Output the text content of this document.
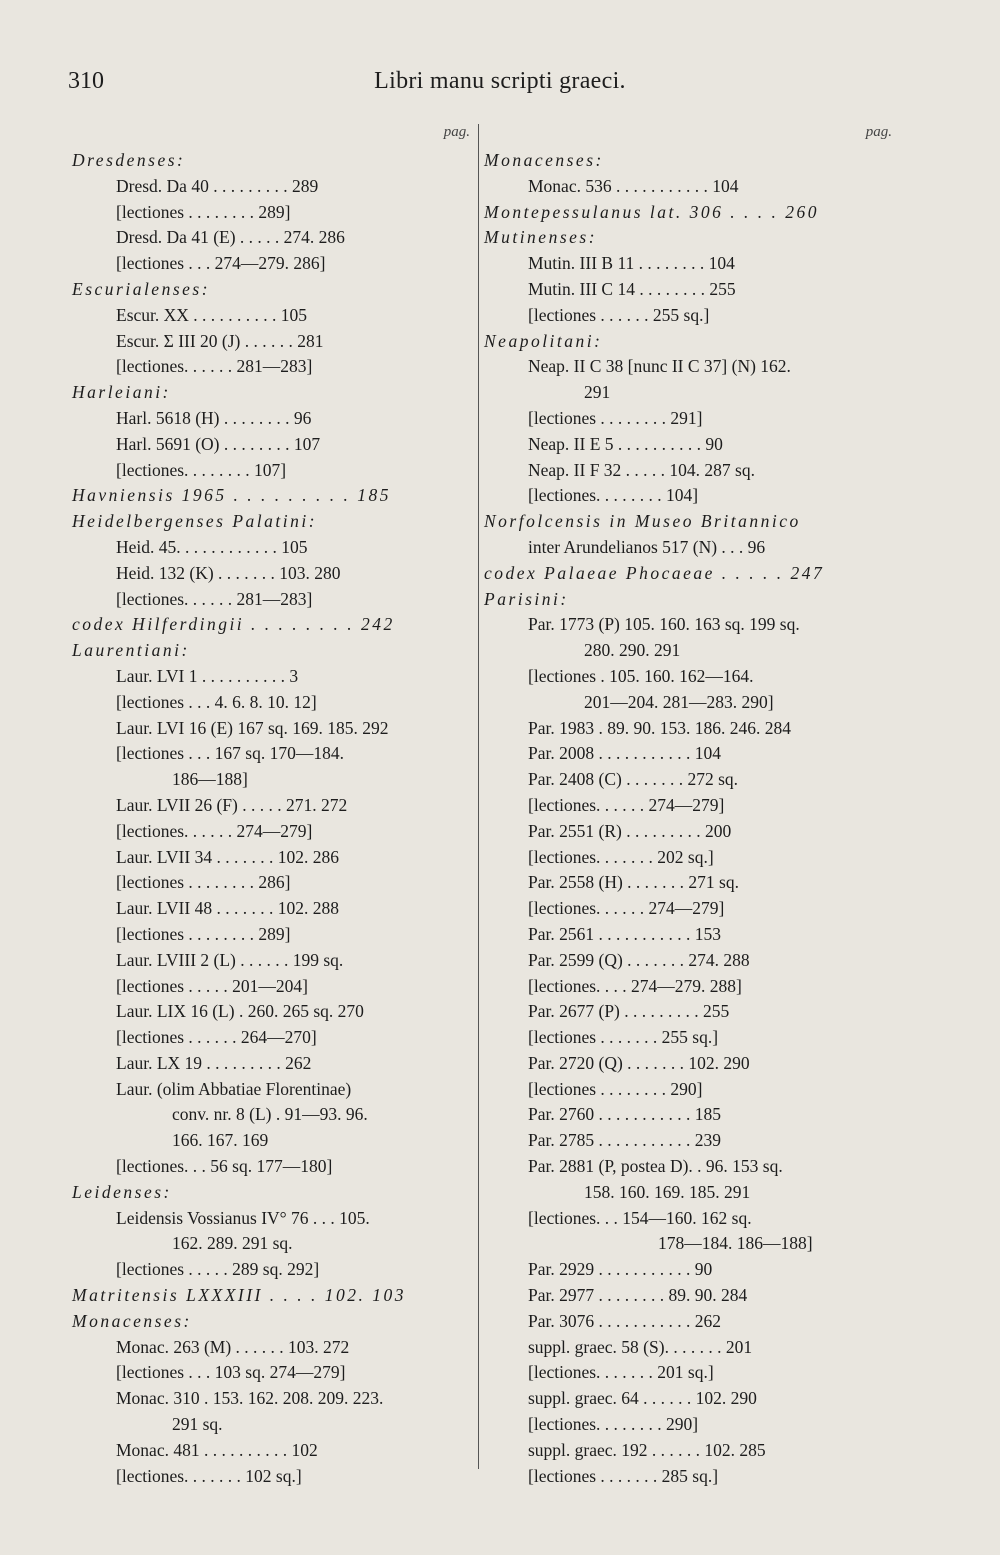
310	Libri manu scripti graeci.
pag.
Dresdenses:
Dresd. Da 40 . . . . . . . . . 289
[lectiones . . . . . . . . 289]
Dresd. Da 41 (E) . . . . . 274. 286
[lectiones . . . 274—279. 286]
Escurialenses:
Escur. XX . . . . . . . . . . 105
Escur. Σ III 20 (J) . . . . . . 281
[lectiones. . . . . . 281—283]
Harleiani:
Harl. 5618 (H) . . . . . . . . 96
Harl. 5691 (O) . . . . . . . . 107
[lectiones. . . . . . . . 107]
Havniensis 1965 . . . . . . . . . 185
Heidelbergenses Palatini:
Heid. 45. . . . . . . . . . . . 105
Heid. 132 (K) . . . . . . . 103. 280
[lectiones. . . . . . 281—283]
codex Hilferdingii . . . . . . . . 242
Laurentiani:
Laur. LVI 1 . . . . . . . . . . 3
[lectiones . . . 4. 6. 8. 10. 12]
Laur. LVI 16 (E) 167 sq. 169. 185. 292
[lectiones . . . 167 sq. 170—184.
186—188]
Laur. LVII 26 (F) . . . . . 271. 272
[lectiones. . . . . . 274—279]
Laur. LVII 34 . . . . . . . 102. 286
[lectiones . . . . . . . . 286]
Laur. LVII 48 . . . . . . . 102. 288
[lectiones . . . . . . . . 289]
Laur. LVIII 2 (L) . . . . . . 199 sq.
[lectiones . . . . . 201—204]
Laur. LIX 16 (L) . 260. 265 sq. 270
[lectiones . . . . . . 264—270]
Laur. LX 19 . . . . . . . . . 262
Laur. (olim Abbatiae Florentinae)
conv. nr. 8 (L) . 91—93. 96.
166. 167. 169
[lectiones. . . 56 sq. 177—180]
Leidenses:
Leidensis Vossianus IV° 76 . . . 105.
162. 289. 291 sq.
[lectiones . . . . . 289 sq. 292]
Matritensis LXXXIII . . . . 102. 103
Monacenses:
Monac. 263 (M) . . . . . . 103. 272
[lectiones . . . 103 sq. 274—279]
Monac. 310 . 153. 162. 208. 209. 223.
291 sq.
Monac. 481 . . . . . . . . . . 102
[lectiones. . . . . . . 102 sq.]
pag.
Monacenses:
Monac. 536 . . . . . . . . . . . 104
Montepessulanus lat. 306 . . . . 260
Mutinenses:
Mutin. III B 11 . . . . . . . . 104
Mutin. III C 14 . . . . . . . . 255
[lectiones . . . . . . 255 sq.]
Neapolitani:
Neap. II C 38 [nunc II C 37] (N) 162.
291
[lectiones . . . . . . . . 291]
Neap. II E 5 . . . . . . . . . . 90
Neap. II F 32 . . . . . 104. 287 sq.
[lectiones. . . . . . . . 104]
Norfolcensis in Museo Britannico
inter Arundelianos 517 (N) . . . 96
codex Palaeae Phocaeae . . . . . 247
Parisini:
Par. 1773 (P) 105. 160. 163 sq. 199 sq.
280. 290. 291
[lectiones . 105. 160. 162—164.
201—204. 281—283. 290]
Par. 1983 . 89. 90. 153. 186. 246. 284
Par. 2008 . . . . . . . . . . . 104
Par. 2408 (C) . . . . . . . 272 sq.
[lectiones. . . . . . 274—279]
Par. 2551 (R) . . . . . . . . . 200
[lectiones. . . . . . . 202 sq.]
Par. 2558 (H) . . . . . . . 271 sq.
[lectiones. . . . . . 274—279]
Par. 2561 . . . . . . . . . . . 153
Par. 2599 (Q) . . . . . . . 274. 288
[lectiones. . . . 274—279. 288]
Par. 2677 (P) . . . . . . . . . 255
[lectiones . . . . . . . 255 sq.]
Par. 2720 (Q) . . . . . . . 102. 290
[lectiones . . . . . . . . 290]
Par. 2760 . . . . . . . . . . . 185
Par. 2785 . . . . . . . . . . . 239
Par. 2881 (P, postea D). . 96. 153 sq.
158. 160. 169. 185. 291
[lectiones. . . 154—160. 162 sq.
178—184. 186—188]
Par. 2929 . . . . . . . . . . . 90
Par. 2977 . . . . . . . . 89. 90. 284
Par. 3076 . . . . . . . . . . . 262
suppl. graec. 58 (S). . . . . . . 201
[lectiones. . . . . . . 201 sq.]
suppl. graec. 64 . . . . . . 102. 290
[lectiones. . . . . . . . 290]
suppl. graec. 192 . . . . . . 102. 285
[lectiones . . . . . . . 285 sq.]
